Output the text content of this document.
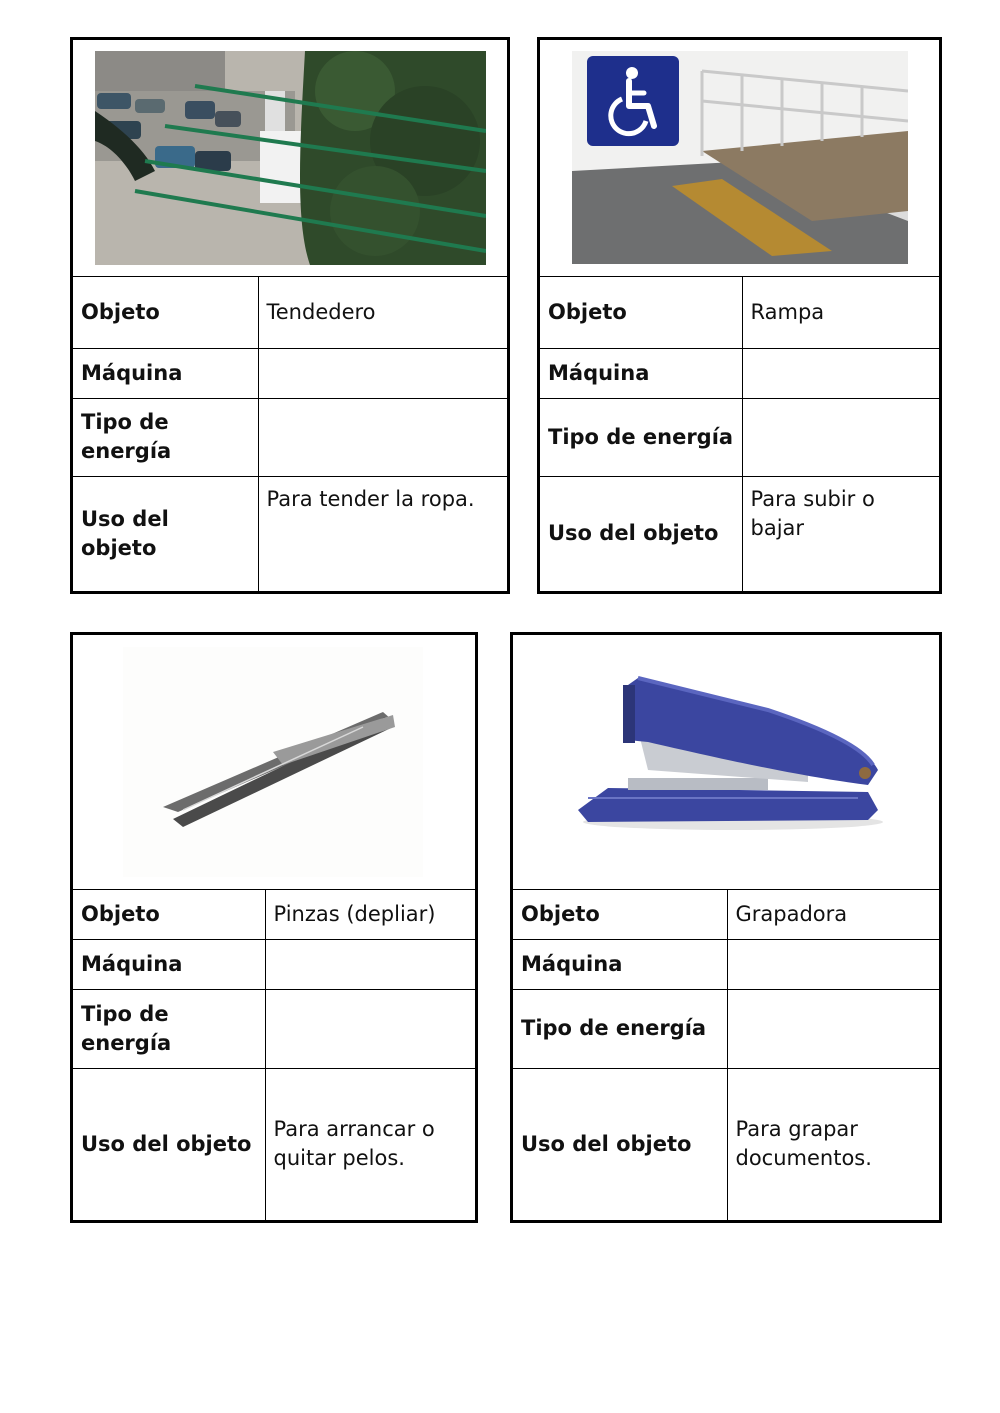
Objeto	Tendedero
Máquina	
Tipo de energía	
Uso del objeto	Para tender la ropa.
Objeto	Rampa
Máquina	
Tipo de energía	
Uso del objeto	Para subir o bajar
Objeto	Pinzas (depliar)
Máquina	
Tipo de energía	
Uso del objeto	Para arrancar o quitar pelos.
Objeto	Grapadora
Máquina	
Tipo de energía	
Uso del objeto	Para grapar documentos.
